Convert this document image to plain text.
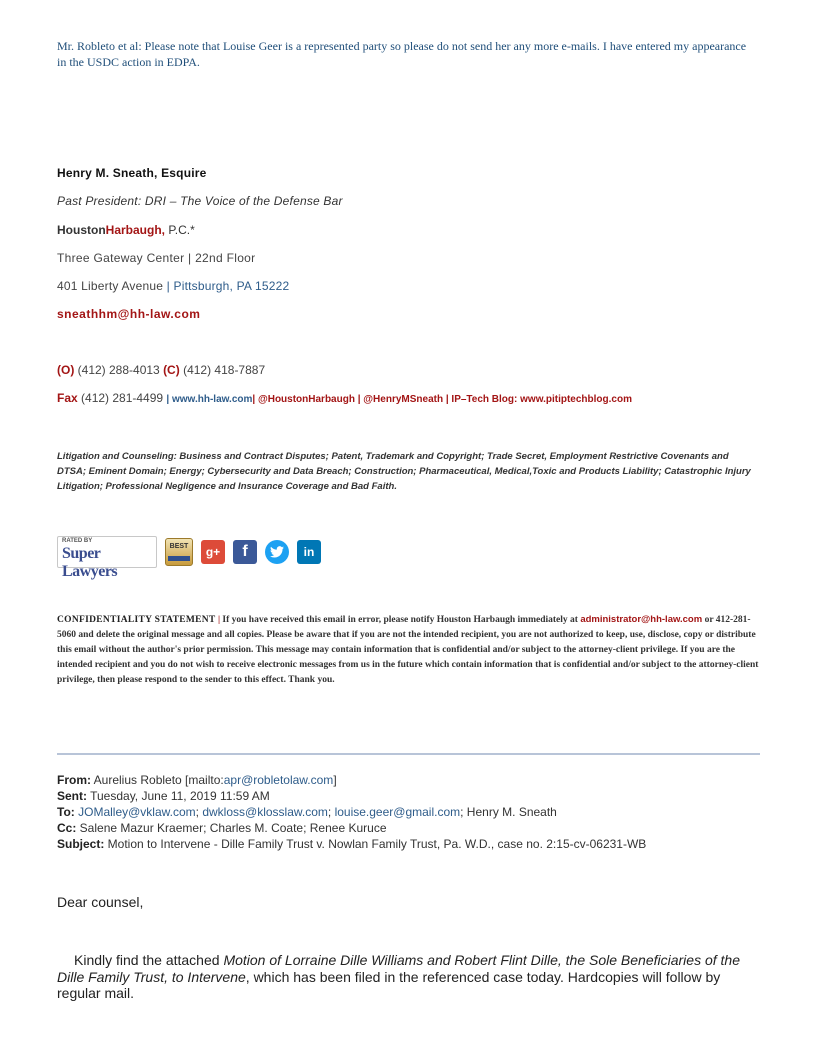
Mr. Robleto et al: Please note that Louise Geer is a represented party so please do not send her any more e-mails. I have entered my appearance in the USDC action in EDPA.
Henry M. Sneath, Esquire
Past President: DRI – The Voice of the Defense Bar
HoustonHarbaugh, P.C.*
Three Gateway Center | 22nd Floor
401 Liberty Avenue | Pittsburgh, PA 15222
sneathhm@hh-law.com
(O) (412) 288-4013 (C) (412) 418-7887
Fax (412) 281-4499 | www.hh-law.com| @HoustonHarbaugh | @HenryMSneath | IP–Tech Blog: www.pitiptechblog.com
Litigation and Counseling: Business and Contract Disputes; Patent, Trademark and Copyright; Trade Secret, Employment Restrictive Covenants and DTSA; Eminent Domain; Energy; Cybersecurity and Data Breach; Construction; Pharmaceutical, Medical,Toxic and Products Liability; Catastrophic Injury Litigation; Professional Negligence and Insurance Coverage and Bad Faith.
RATED BY
Super Lawyers
BEST	g+ f	in
CONFIDENTIALITY STATEMENT | If you have received this email in error, please notify Houston Harbaugh immediately at administrator@hh-law.com or 412-281-5060 and delete the original message and all copies. Please be aware that if you are not the intended recipient, you are not authorized to keep, use, disclose, copy or distribute this email without the author's prior permission. This message may contain information that is confidential and/or subject to the attorney-client privilege. If you are the intended recipient and you do not wish to receive electronic messages from us in the future which contain information that is confidential and/or subject to the attorney-client privilege, then please respond to the sender to this effect. Thank you.
From: Aurelius Robleto [mailto:apr@robletolaw.com]
Sent: Tuesday, June 11, 2019 11:59 AM
To: JOMalley@vklaw.com; dwkloss@klosslaw.com; louise.geer@gmail.com; Henry M. Sneath
Cc: Salene Mazur Kraemer; Charles M. Coate; Renee Kuruce
Subject: Motion to Intervene - Dille Family Trust v. Nowlan Family Trust, Pa. W.D., case no. 2:15-cv-06231-WB
Dear counsel,
Kindly find the attached Motion of Lorraine Dille Williams and Robert Flint Dille, the Sole Beneficiaries of the Dille Family Trust, to Intervene, which has been filed in the referenced case today. Hardcopies will follow by regular mail.
